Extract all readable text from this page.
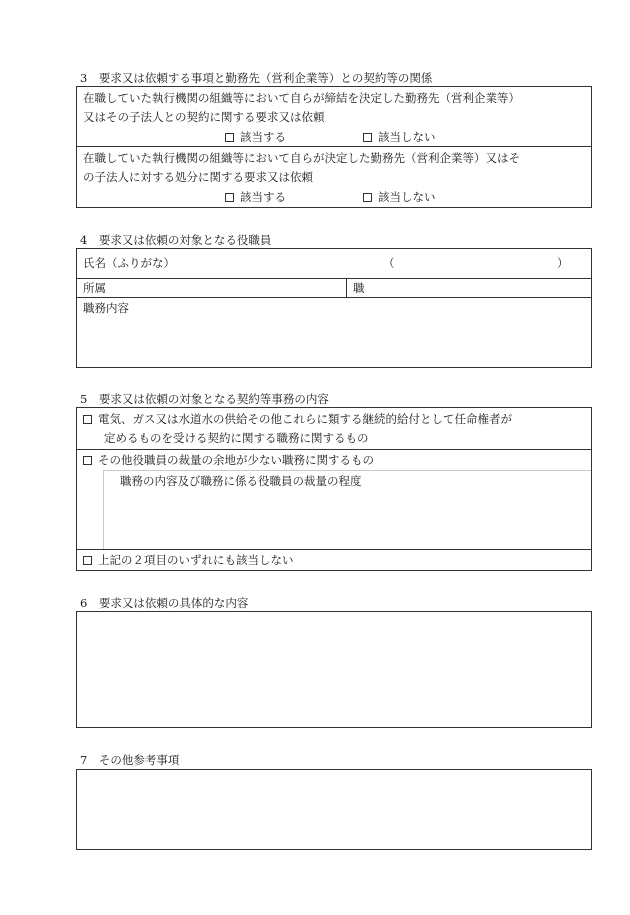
3　要求又は依頼する事項と勤務先（営利企業等）との契約等の関係
在職していた執行機関の組織等において自らが締結を決定した勤務先（営利企業等）
又はその子法人との契約に関する要求又は依頼
該当する	該当しない
在職していた執行機関の組織等において自らが決定した勤務先（営利企業等）又はそ
の子法人に対する処分に関する要求又は依頼
該当する	該当しない
4　要求又は依頼の対象となる役職員
氏名（ふりがな）	（	）
所属	職
職務内容
5　要求又は依頼の対象となる契約等事務の内容
電気、ガス又は水道水の供給その他これらに類する継続的給付として任命権者が
定めるものを受ける契約に関する職務に関するもの
その他役職員の裁量の余地が少ない職務に関するもの
職務の内容及び職務に係る役職員の裁量の程度
上記の２項目のいずれにも該当しない
6　要求又は依頼の具体的な内容
7　その他参考事項
